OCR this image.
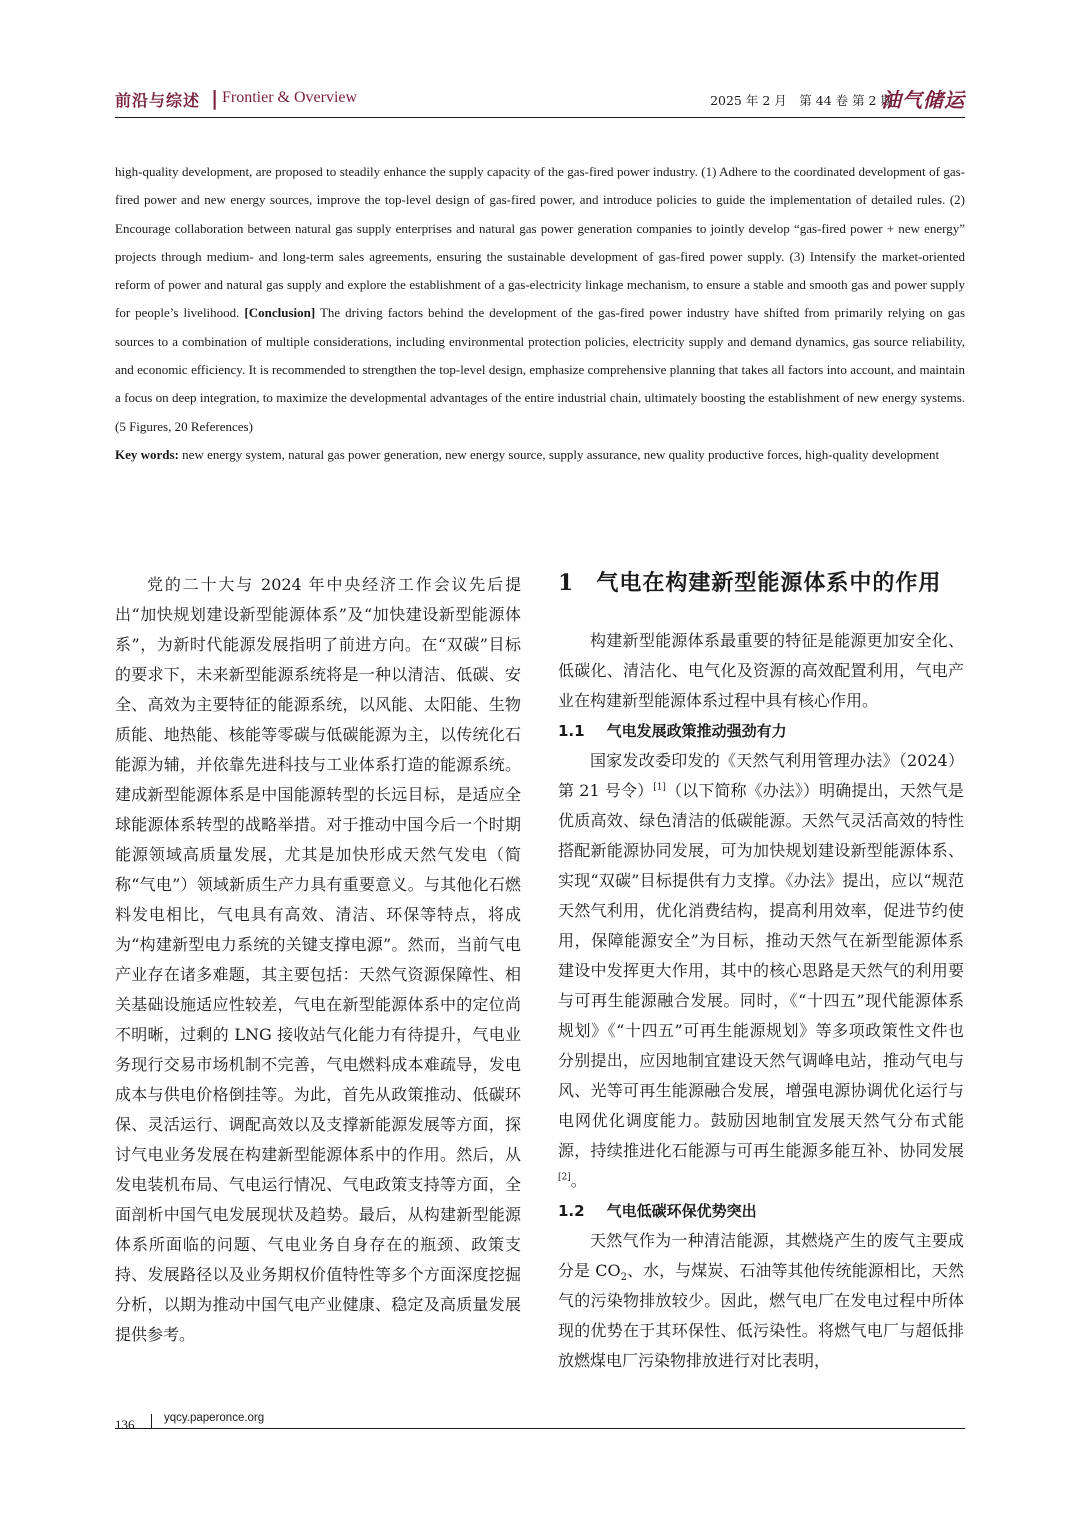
前沿与综述 | Frontier & Overview	2025 年 2 月　第 44 卷 第 2 期
油气储运

high-quality development, are proposed to steadily enhance the supply capacity of the gas-fired power industry. (1) Adhere to the coordinated development of gas-fired power and new energy sources, improve the top-level design of gas-fired power, and introduce policies to guide the implementation of detailed rules. (2) Encourage collaboration between natural gas supply enterprises and natural gas power generation companies to jointly develop “gas-fired power + new energy” projects through medium- and long-term sales agreements, ensuring the sustainable development of gas-fired power supply. (3) Intensify the market-oriented reform of power and natural gas supply and explore the establishment of a gas-electricity linkage mechanism, to ensure a stable and smooth gas and power supply for people’s livelihood. [Conclusion] The driving factors behind the development of the gas-fired power industry have shifted from primarily relying on gas sources to a combination of multiple considerations, including environmental protection policies, electricity supply and demand dynamics, gas source reliability, and economic efficiency. It is recommended to strengthen the top-level design, emphasize comprehensive planning that takes all factors into account, and maintain a focus on deep integration, to maximize the developmental advantages of the entire industrial chain, ultimately boosting the establishment of new energy systems. (5 Figures, 20 References)

Key words: new energy system, natural gas power generation, new energy source, supply assurance, new quality productive forces, high-quality development

党的二十大与 2024 年中央经济工作会议先后提出“加快规划建设新型能源体系”及“加快建设新型能源体系”，为新时代能源发展指明了前进方向。在“双碳”目标的要求下，未来新型能源系统将是一种以清洁、低碳、安全、高效为主要特征的能源系统，以风能、太阳能、生物质能、地热能、核能等零碳与低碳能源为主，以传统化石能源为辅，并依靠先进科技与工业体系打造的能源系统。建成新型能源体系是中国能源转型的长远目标，是适应全球能源体系转型的战略举措。对于推动中国今后一个时期能源领域高质量发展，尤其是加快形成天然气发电（简称“气电”）领域新质生产力具有重要意义。与其他化石燃料发电相比，气电具有高效、清洁、环保等特点，将成为“构建新型电力系统的关键支撑电源”。然而，当前气电产业存在诸多难题，其主要包括：天然气资源保障性、相关基础设施适应性较差，气电在新型能源体系中的定位尚不明晰，过剩的 LNG 接收站气化能力有待提升，气电业务现行交易市场机制不完善，气电燃料成本难疏导，发电成本与供电价格倒挂等。为此，首先从政策推动、低碳环保、灵活运行、调配高效以及支撑新能源发展等方面，探讨气电业务发展在构建新型能源体系中的作用。然后，从发电装机布局、气电运行情况、气电政策支持等方面，全面剖析中国气电发展现状及趋势。最后，从构建新型能源体系所面临的问题、气电业务自身存在的瓶颈、政策支持、发展路径以及业务期权价值特性等多个方面深度挖掘分析，以期为推动中国气电产业健康、稳定及高质量发展提供参考。

1 气电在构建新型能源体系中的作用

构建新型能源体系最重要的特征是能源更加安全化、低碳化、清洁化、电气化及资源的高效配置利用，气电产业在构建新型能源体系过程中具有核心作用。

1.1 气电发展政策推动强劲有力

国家发改委印发的《天然气利用管理办法》（2024）第 21 号令）[1]（以下简称《办法》）明确提出，天然气是优质高效、绿色清洁的低碳能源。天然气灵活高效的特性搭配新能源协同发展，可为加快规划建设新型能源体系、实现“双碳”目标提供有力支撑。《办法》提出，应以“规范天然气利用，优化消费结构，提高利用效率，促进节约使用，保障能源安全”为目标，推动天然气在新型能源体系建设中发挥更大作用，其中的核心思路是天然气的利用要与可再生能源融合发展。同时，《“十四五”现代能源体系规划》《“十四五”可再生能源规划》等多项政策性文件也分别提出，应因地制宜建设天然气调峰电站，推动气电与风、光等可再生能源融合发展，增强电源协调优化运行与电网优化调度能力。鼓励因地制宜发展天然气分布式能源，持续推进化石能源与可再生能源多能互补、协同发展[2]。

1.2 气电低碳环保优势突出

天然气作为一种清洁能源，其燃烧产生的废气主要成分是 $CO_2$、水，与煤炭、石油等其他传统能源相比，天然气的污染物排放较少。因此，燃气电厂在发电过程中所体现的优势在于其环保性、低污染性。将燃气电厂与超低排放燃煤电厂污染物排放进行对比表明，

136	yqcy.paperonce.org
